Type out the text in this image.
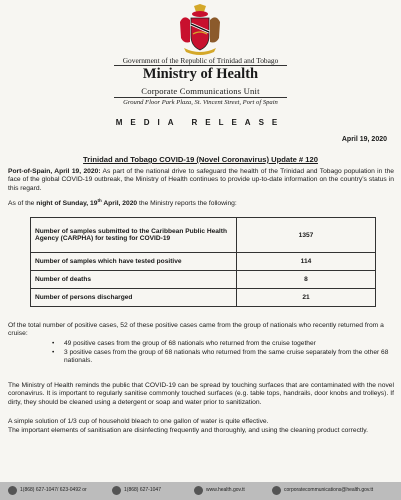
Government of the Republic of Trinidad and Tobago
Ministry of Health
Corporate Communications Unit
Ground Floor Park Plaza, St. Vincent Street, Port of Spain
MEDIA RELEASE
April 19, 2020
Trinidad and Tobago COVID-19 (Novel Coronavirus) Update # 120

Port-of-Spain, April 19, 2020: As part of the national drive to safeguard the health of the Trinidad and Tobago population in the face of the global COVID-19 outbreak, the Ministry of Health continues to provide up-to-date information on the country’s status in this regard.

As of the night of Sunday, 19th April, 2020 the Ministry reports the following:

Number of samples submitted to the Caribbean Public Health Agency (CARPHA) for testing for COVID-19	1357
Number of samples which have tested positive	114
Number of deaths	8
Number of persons discharged	21

Of the total number of positive cases, 52 of these positive cases came from the group of nationals who recently returned from a cruise:

• 49 positive cases from the group of 68 nationals who returned from the cruise together
• 3 positive cases from the group of 68 nationals who returned from the same cruise separately from the other 68 nationals.

The Ministry of Health reminds the public that COVID-19 can be spread by touching surfaces that are contaminated with the novel coronavirus. It is important to regularly sanitise commonly touched surfaces (e.g. table tops, handrails, door knobs and trolleys). If dirty, they should be cleaned using a detergent or soap and water prior to sanitization.

A simple solution of 1/3 cup of household bleach to one gallon of water is quite effective.

The important elements of sanitisation are disinfecting frequently and thoroughly, and using the cleaning product correctly.

1(868) 627-1047/ 623-0492 or	1(868) 627-1047	www.health.gov.tt	corporatecommunications@health.gov.tt
